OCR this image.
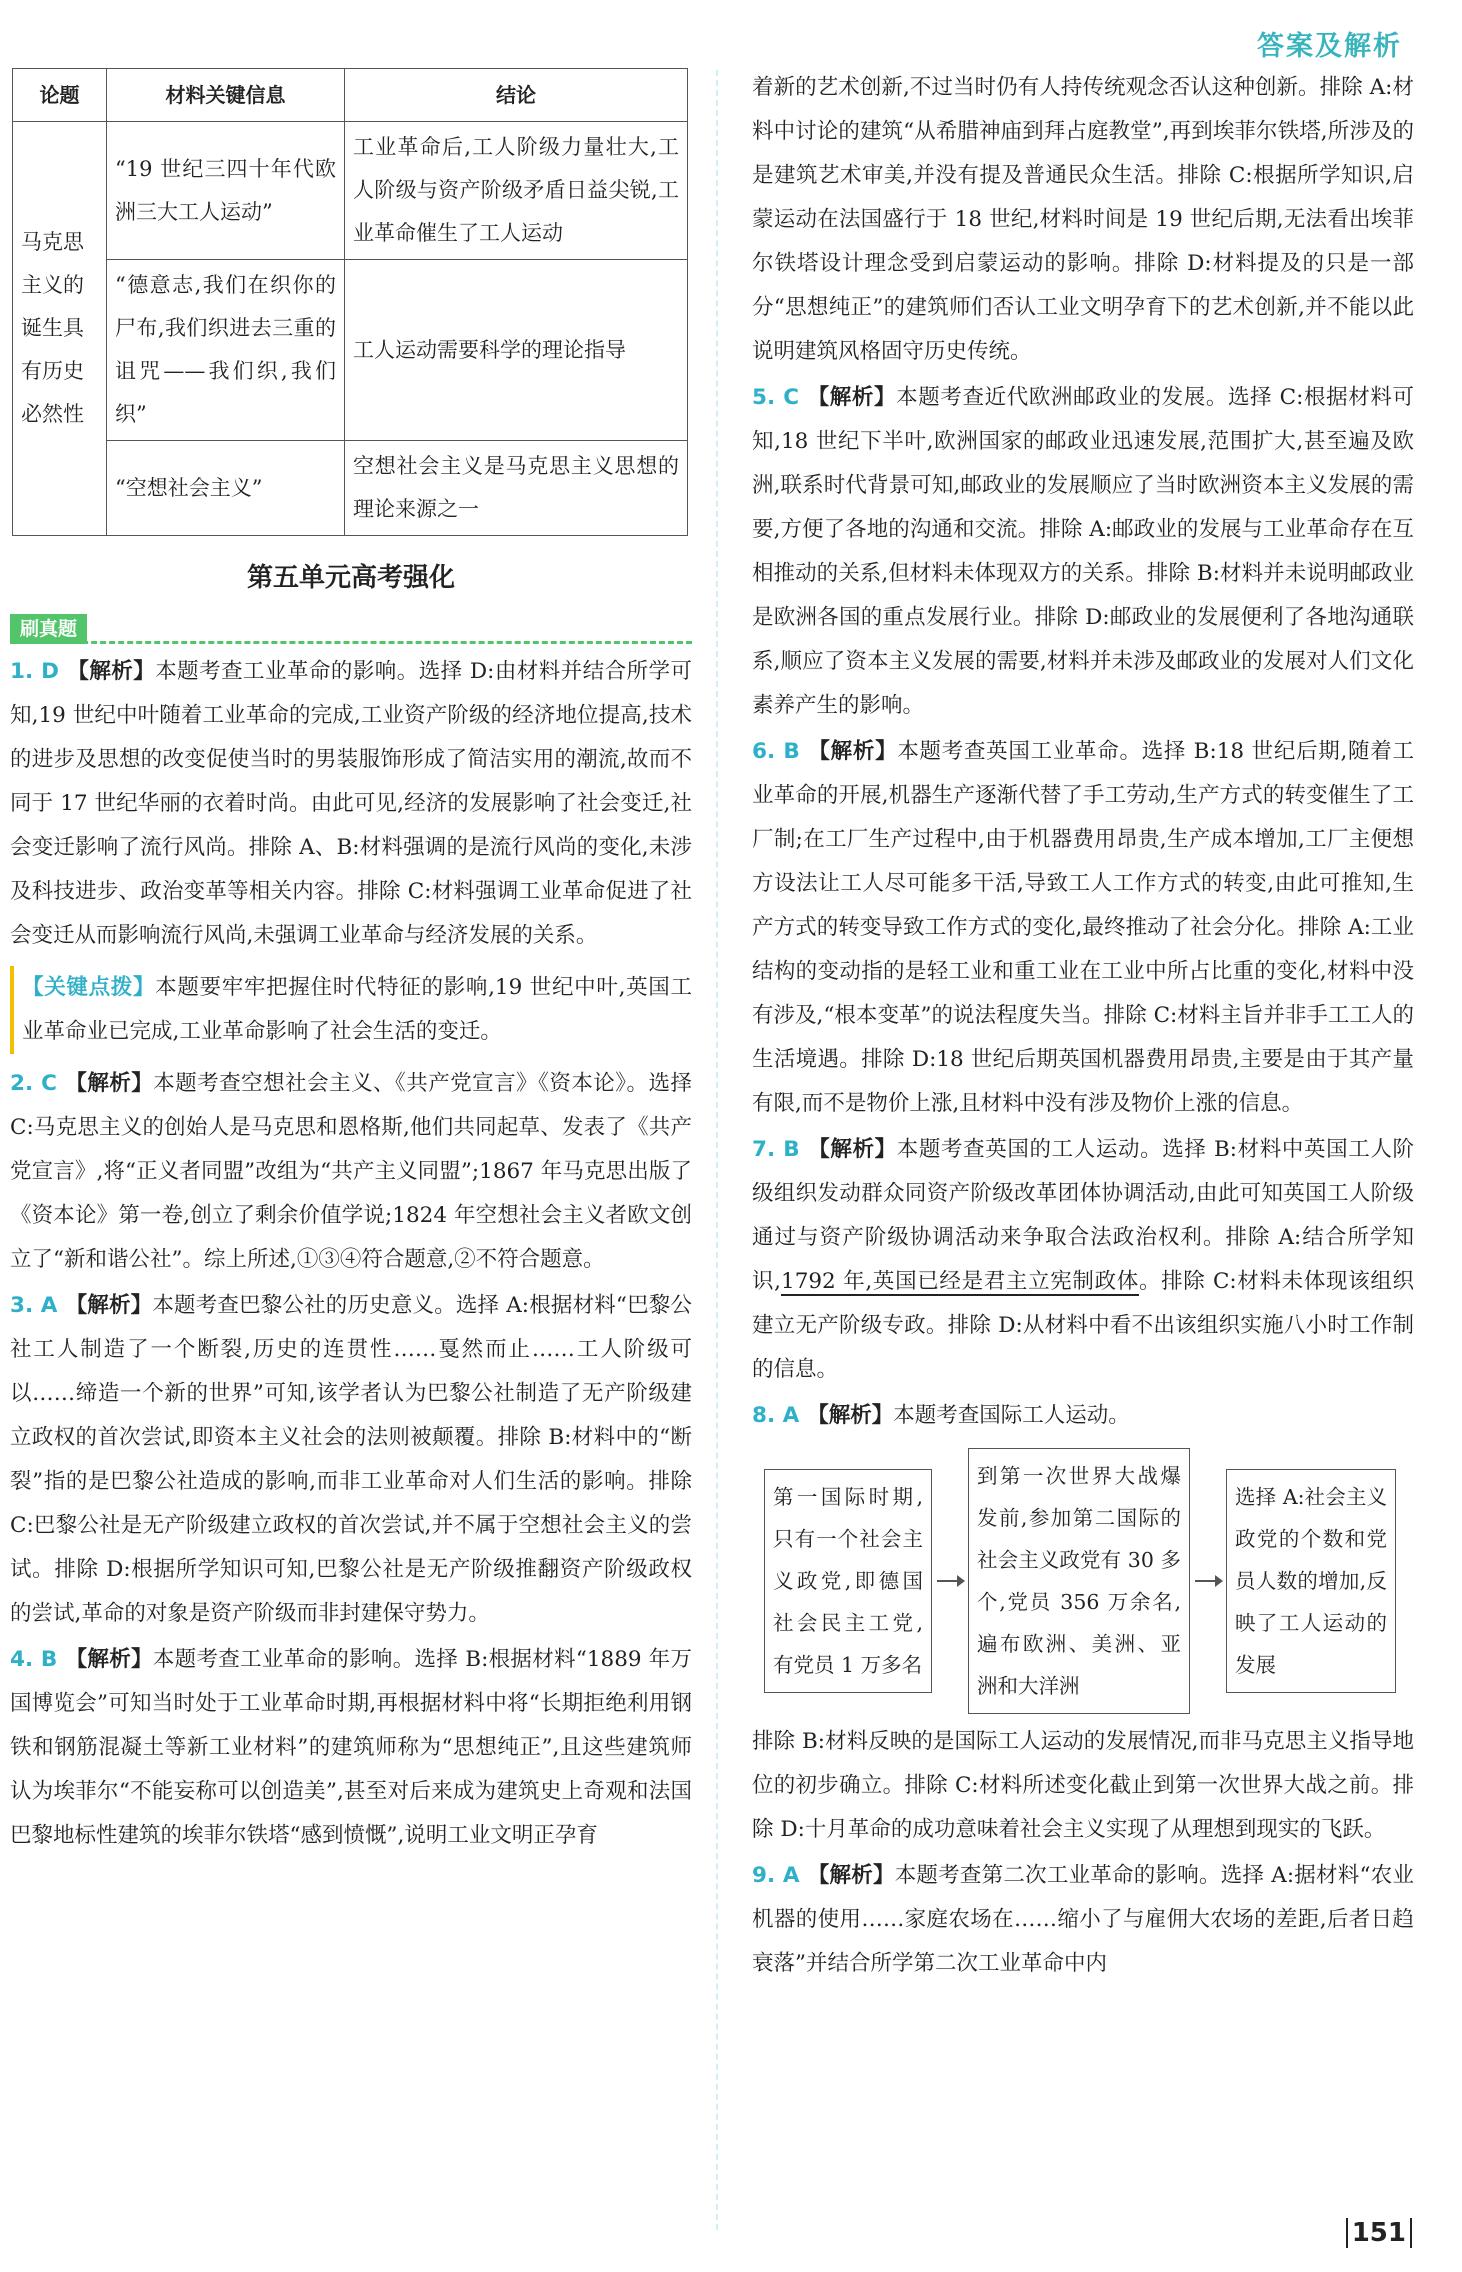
答案及解析
论题	材料关键信息	结论
马克思主义的诞生具有历史必然性	“19 世纪三四十年代欧洲三大工人运动”	工业革命后,工人阶级力量壮大,工人阶级与资产阶级矛盾日益尖锐,工业革命催生了工人运动
	“德意志,我们在织你的尸布,我们织进去三重的诅咒——我们织,我们织”	工人运动需要科学的理论指导
	“空想社会主义”	空想社会主义是马克思主义思想的理论来源之一
第五单元高考强化
刷真题

1. D 【解析】本题考查工业革命的影响。选择 D:由材料并结合所学可知,19 世纪中叶随着工业革命的完成,工业资产阶级的经济地位提高,技术的进步及思想的改变促使当时的男装服饰形成了简洁实用的潮流,故而不同于 17 世纪华丽的衣着时尚。由此可见,经济的发展影响了社会变迁,社会变迁影响了流行风尚。排除 A、B:材料强调的是流行风尚的变化,未涉及科技进步、政治变革等相关内容。排除 C:材料强调工业革命促进了社会变迁从而影响流行风尚,未强调工业革命与经济发展的关系。

【关键点拨】本题要牢牢把握住时代特征的影响,19 世纪中叶,英国工业革命业已完成,工业革命影响了社会生活的变迁。

2. C 【解析】本题考查空想社会主义、《共产党宣言》《资本论》。选择 C:马克思主义的创始人是马克思和恩格斯,他们共同起草、发表了《共产党宣言》,将“正义者同盟”改组为“共产主义同盟”;1867 年马克思出版了《资本论》第一卷,创立了剩余价值学说;1824 年空想社会主义者欧文创立了“新和谐公社”。综上所述,①③④符合题意,②不符合题意。

3. A 【解析】本题考查巴黎公社的历史意义。选择 A:根据材料“巴黎公社工人制造了一个断裂,历史的连贯性……戛然而止……工人阶级可以……缔造一个新的世界”可知,该学者认为巴黎公社制造了无产阶级建立政权的首次尝试,即资本主义社会的法则被颠覆。排除 B:材料中的“断裂”指的是巴黎公社造成的影响,而非工业革命对人们生活的影响。排除 C:巴黎公社是无产阶级建立政权的首次尝试,并不属于空想社会主义的尝试。排除 D:根据所学知识可知,巴黎公社是无产阶级推翻资产阶级政权的尝试,革命的对象是资产阶级而非封建保守势力。

4. B 【解析】本题考查工业革命的影响。选择 B:根据材料“1889 年万国博览会”可知当时处于工业革命时期,再根据材料中将“长期拒绝利用钢铁和钢筋混凝土等新工业材料”的建筑师称为“思想纯正”,且这些建筑师认为埃菲尔“不能妄称可以创造美”,甚至对后来成为建筑史上奇观和法国巴黎地标性建筑的埃菲尔铁塔“感到愤慨”,说明工业文明正孕育

着新的艺术创新,不过当时仍有人持传统观念否认这种创新。排除 A:材料中讨论的建筑“从希腊神庙到拜占庭教堂”,再到埃菲尔铁塔,所涉及的是建筑艺术审美,并没有提及普通民众生活。排除 C:根据所学知识,启蒙运动在法国盛行于 18 世纪,材料时间是 19 世纪后期,无法看出埃菲尔铁塔设计理念受到启蒙运动的影响。排除 D:材料提及的只是一部分“思想纯正”的建筑师们否认工业文明孕育下的艺术创新,并不能以此说明建筑风格固守历史传统。

5. C 【解析】本题考查近代欧洲邮政业的发展。选择 C:根据材料可知,18 世纪下半叶,欧洲国家的邮政业迅速发展,范围扩大,甚至遍及欧洲,联系时代背景可知,邮政业的发展顺应了当时欧洲资本主义发展的需要,方便了各地的沟通和交流。排除 A:邮政业的发展与工业革命存在互相推动的关系,但材料未体现双方的关系。排除 B:材料并未说明邮政业是欧洲各国的重点发展行业。排除 D:邮政业的发展便利了各地沟通联系,顺应了资本主义发展的需要,材料并未涉及邮政业的发展对人们文化素养产生的影响。

6. B 【解析】本题考查英国工业革命。选择 B:18 世纪后期,随着工业革命的开展,机器生产逐渐代替了手工劳动,生产方式的转变催生了工厂制;在工厂生产过程中,由于机器费用昂贵,生产成本增加,工厂主便想方设法让工人尽可能多干活,导致工人工作方式的转变,由此可推知,生产方式的转变导致工作方式的变化,最终推动了社会分化。排除 A:工业结构的变动指的是轻工业和重工业在工业中所占比重的变化,材料中没有涉及,“根本变革”的说法程度失当。排除 C:材料主旨并非手工工人的生活境遇。排除 D:18 世纪后期英国机器费用昂贵,主要是由于其产量有限,而不是物价上涨,且材料中没有涉及物价上涨的信息。

7. B 【解析】本题考查英国的工人运动。选择 B:材料中英国工人阶级组织发动群众同资产阶级改革团体协调活动,由此可知英国工人阶级通过与资产阶级协调活动来争取合法政治权利。排除 A:结合所学知识,1792 年,英国已经是君主立宪制政体。排除 C:材料未体现该组织建立无产阶级专政。排除 D:从材料中看不出该组织实施八小时工作制的信息。

8. A 【解析】本题考查国际工人运动。

第一国际时期,只有一个社会主义政党,即德国社会民主工党,有党员 1 万多名
到第一次世界大战爆发前,参加第二国际的社会主义政党有 30 多个,党员 356 万余名,遍布欧洲、美洲、亚洲和大洋洲
选择 A:社会主义政党的个数和党员人数的增加,反映了工人运动的发展

排除 B:材料反映的是国际工人运动的发展情况,而非马克思主义指导地位的初步确立。排除 C:材料所述变化截止到第一次世界大战之前。排除 D:十月革命的成功意味着社会主义实现了从理想到现实的飞跃。

9. A 【解析】本题考查第二次工业革命的影响。选择 A:据材料“农业机器的使用……家庭农场在……缩小了与雇佣大农场的差距,后者日趋衰落”并结合所学第二次工业革命中内

151
